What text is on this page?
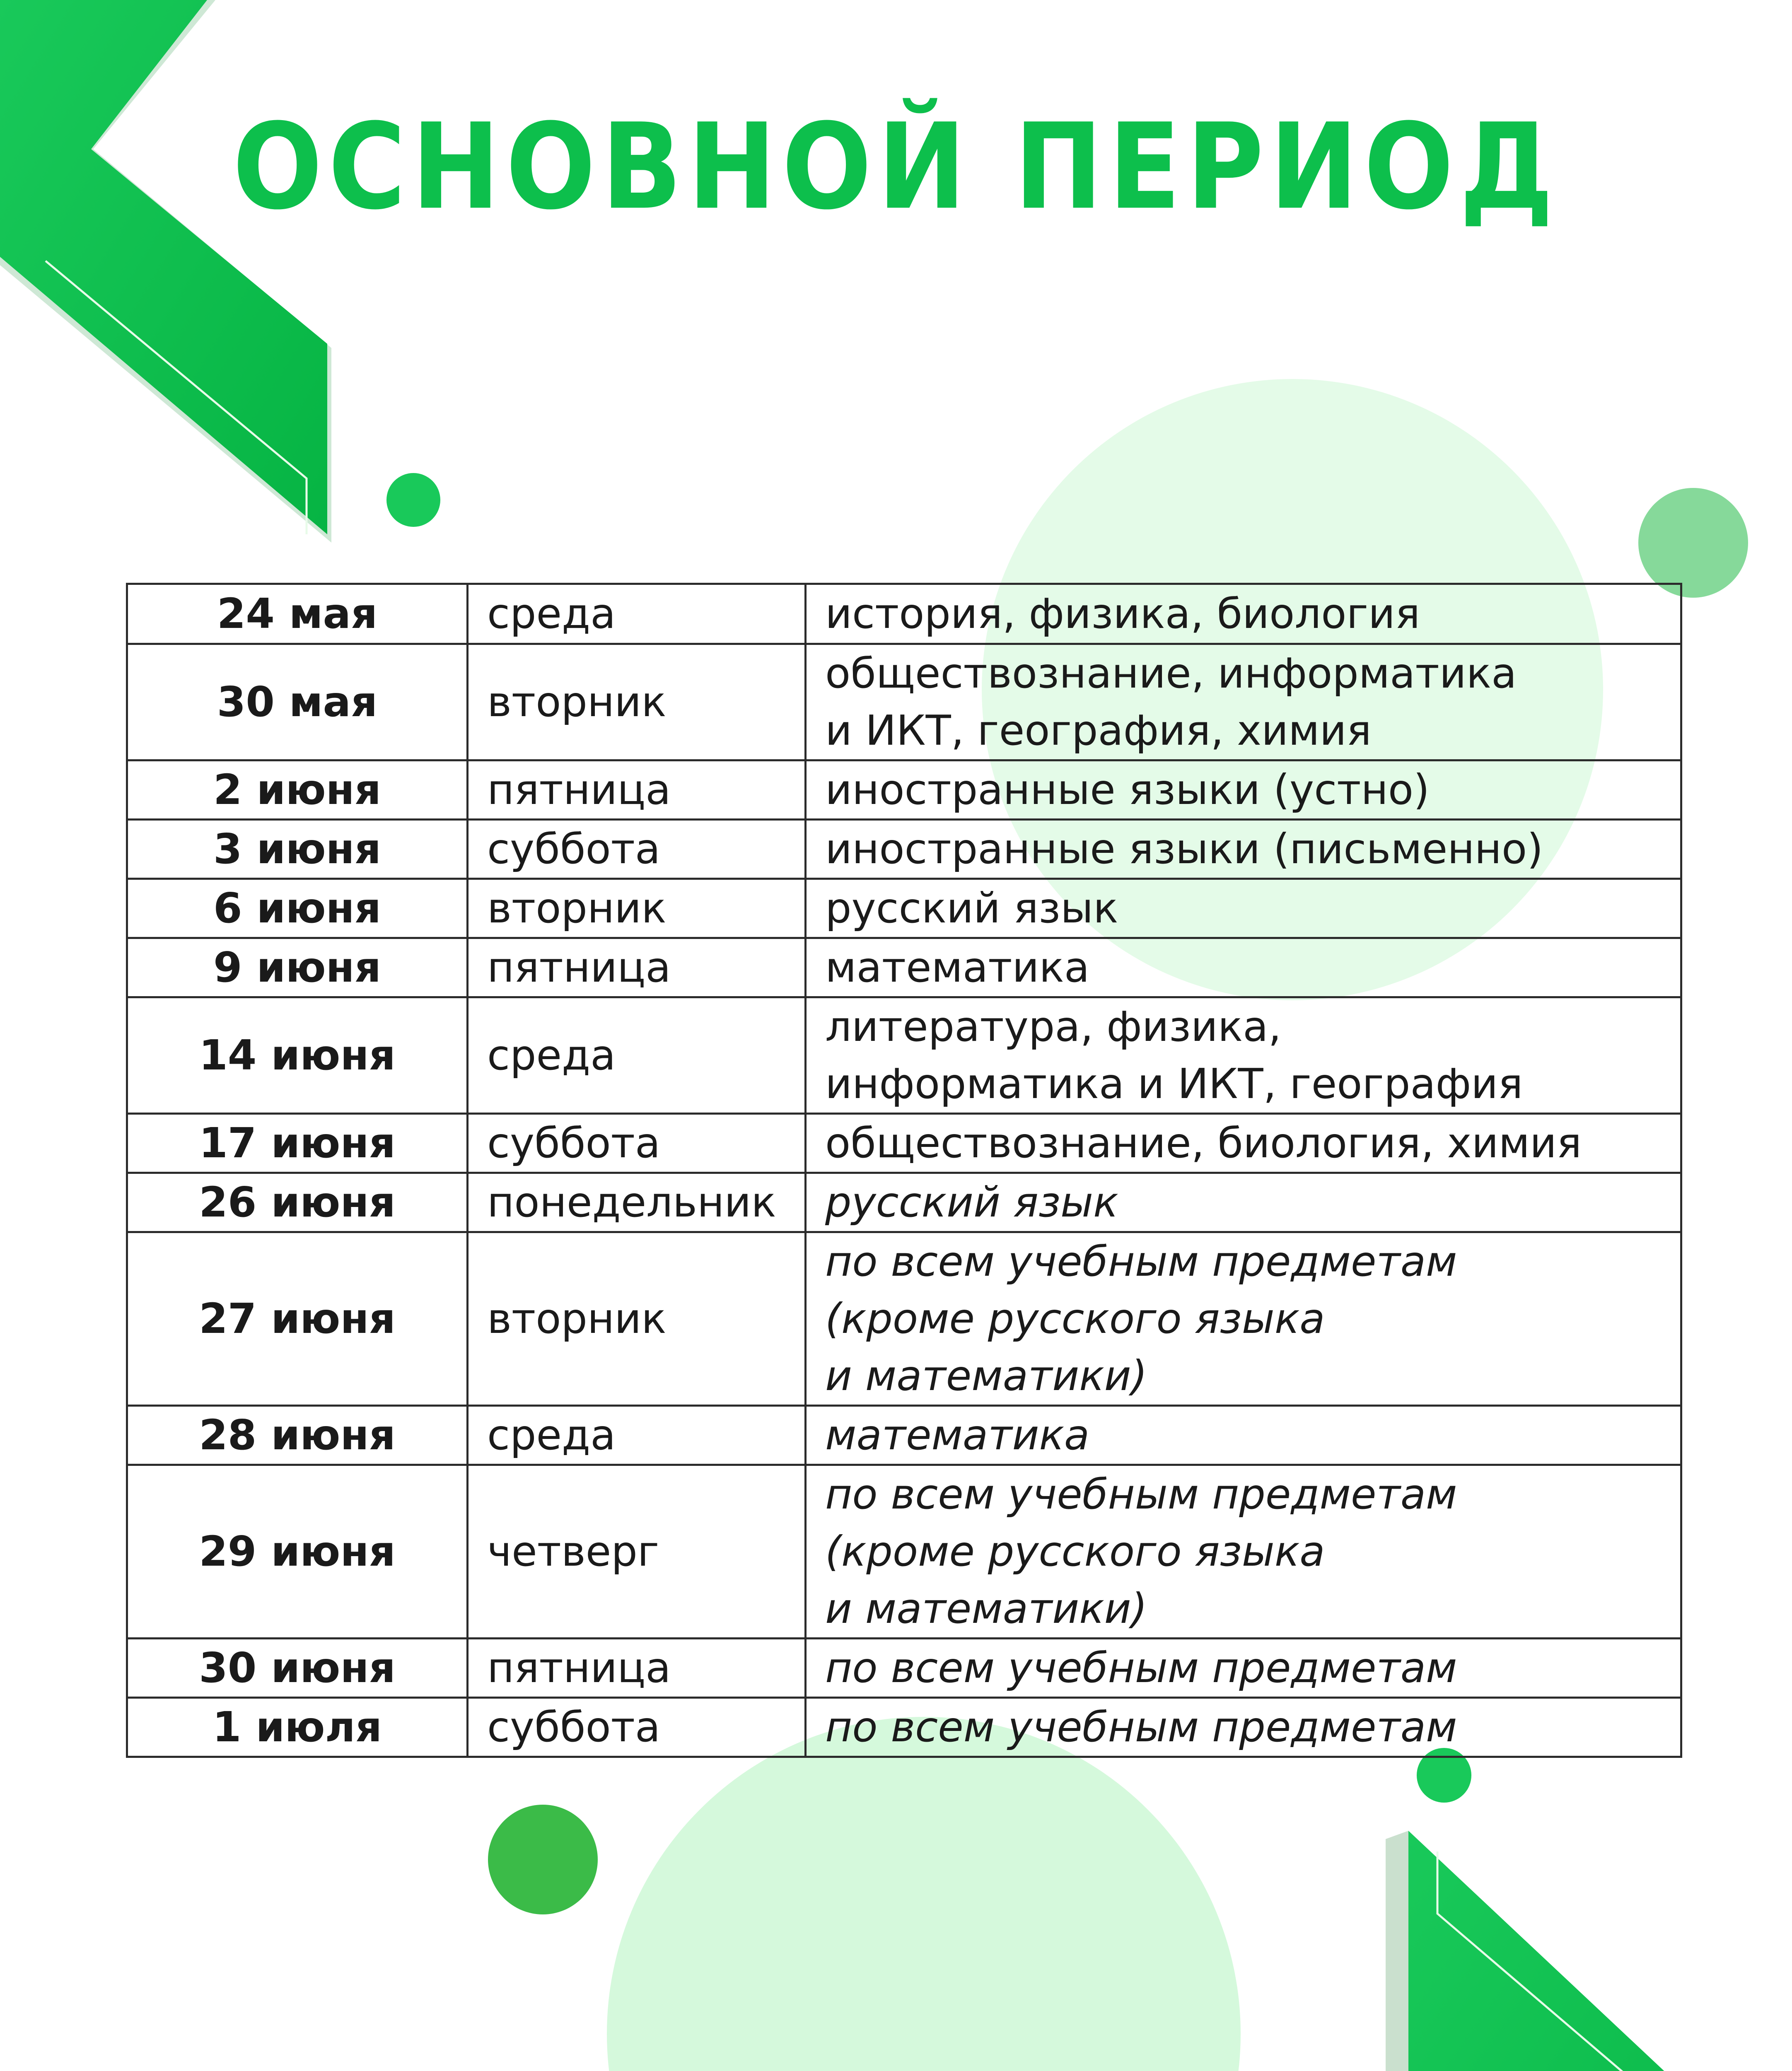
ОСНОВНОЙ ПЕРИОД
24 мая	среда	история, физика, биология
30 мая	вторник	обществознание, информатика
и ИКТ, география, химия
2 июня	пятница	иностранные языки (устно)
3 июня	суббота	иностранные языки (письменно)
6 июня	вторник	русский язык
9 июня	пятница	математика
14 июня	среда	литература, физика,
информатика и ИКТ, география
17 июня	суббота	обществознание, биология, химия
26 июня	понедельник	русский язык
27 июня	вторник	по всем учебным предметам
(кроме русского языка
и математики)
28 июня	среда	математика
29 июня	четверг	по всем учебным предметам
(кроме русского языка
и математики)
30 июня	пятница	по всем учебным предметам
1 июля	суббота	по всем учебным предметам
